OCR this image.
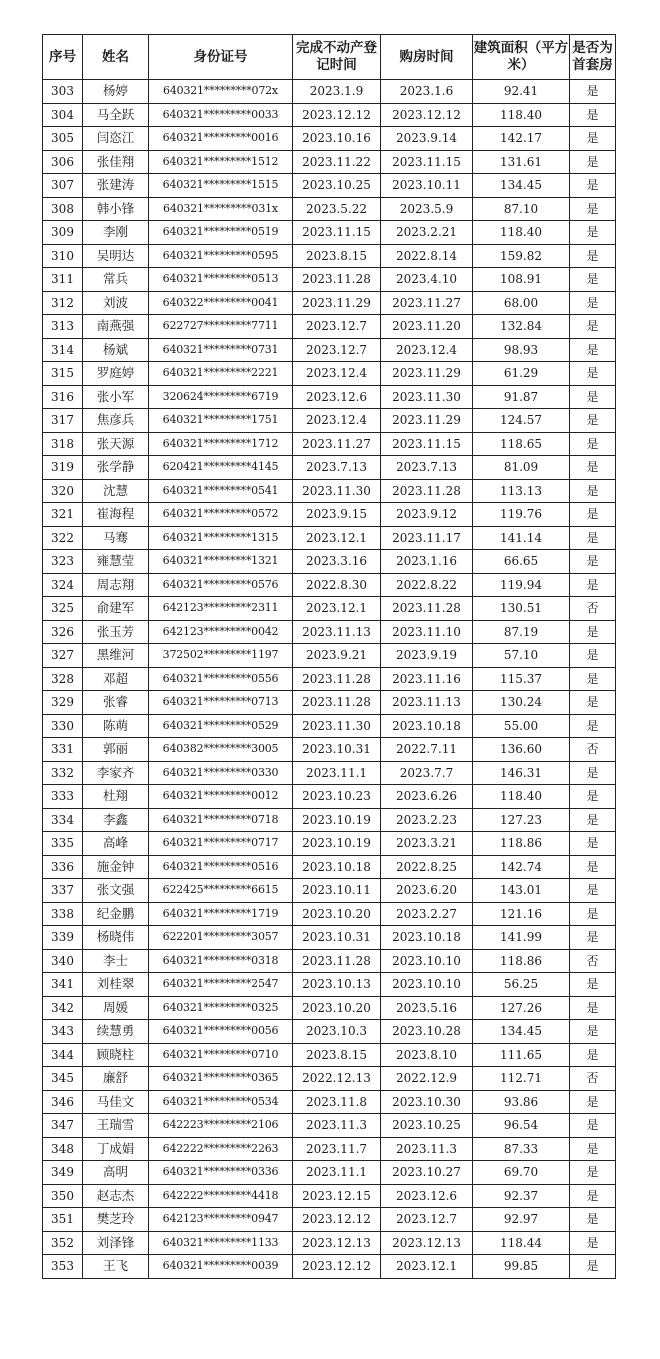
序号	姓名	身份证号	完成不动产登记时间	购房时间	建筑面积（平方米）	是否为首套房
303	杨婷	640321*********072x	2023.1.9	2023.1.6	92.41	是
304	马全跃	640321*********0033	2023.12.12	2023.12.12	118.40	是
305	闫恣江	640321*********0016	2023.10.16	2023.9.14	142.17	是
306	张佳翔	640321*********1512	2023.11.22	2023.11.15	131.61	是
307	张建涛	640321*********1515	2023.10.25	2023.10.11	134.45	是
308	韩小锋	640321*********031x	2023.5.22	2023.5.9	87.10	是
309	李刚	640321*********0519	2023.11.15	2023.2.21	118.40	是
310	吴明达	640321*********0595	2023.8.15	2022.8.14	159.82	是
311	常兵	640321*********0513	2023.11.28	2023.4.10	108.91	是
312	刘波	640322*********0041	2023.11.29	2023.11.27	68.00	是
313	南燕强	622727*********7711	2023.12.7	2023.11.20	132.84	是
314	杨斌	640321*********0731	2023.12.7	2023.12.4	98.93	是
315	罗庭婷	640321*********2221	2023.12.4	2023.11.29	61.29	是
316	张小军	320624*********6719	2023.12.6	2023.11.30	91.87	是
317	焦彦兵	640321*********1751	2023.12.4	2023.11.29	124.57	是
318	张天源	640321*********1712	2023.11.27	2023.11.15	118.65	是
319	张学静	620421*********4145	2023.7.13	2023.7.13	81.09	是
320	沈慧	640321*********0541	2023.11.30	2023.11.28	113.13	是
321	崔海程	640321*********0572	2023.9.15	2023.9.12	119.76	是
322	马骞	640321*********1315	2023.12.1	2023.11.17	141.14	是
323	雍慧莹	640321*********1321	2023.3.16	2023.1.16	66.65	是
324	周志翔	640321*********0576	2022.8.30	2022.8.22	119.94	是
325	俞建军	642123*********2311	2023.12.1	2023.11.28	130.51	否
326	张玉芳	642123*********0042	2023.11.13	2023.11.10	87.19	是
327	黑维河	372502*********1197	2023.9.21	2023.9.19	57.10	是
328	邓超	640321*********0556	2023.11.28	2023.11.16	115.37	是
329	张睿	640321*********0713	2023.11.28	2023.11.13	130.24	是
330	陈萌	640321*********0529	2023.11.30	2023.10.18	55.00	是
331	郭丽	640382*********3005	2023.10.31	2022.7.11	136.60	否
332	李家齐	640321*********0330	2023.11.1	2023.7.7	146.31	是
333	杜翔	640321*********0012	2023.10.23	2023.6.26	118.40	是
334	李鑫	640321*********0718	2023.10.19	2023.2.23	127.23	是
335	高峰	640321*********0717	2023.10.19	2023.3.21	118.86	是
336	施金钟	640321*********0516	2023.10.18	2022.8.25	142.74	是
337	张文强	622425*********6615	2023.10.11	2023.6.20	143.01	是
338	纪金鹏	640321*********1719	2023.10.20	2023.2.27	121.16	是
339	杨晓伟	622201*********3057	2023.10.31	2023.10.18	141.99	是
340	李士	640321*********0318	2023.11.28	2023.10.10	118.86	否
341	刘桂翠	640321*********2547	2023.10.13	2023.10.10	56.25	是
342	周媛	640321*********0325	2023.10.20	2023.5.16	127.26	是
343	续慧勇	640321*********0056	2023.10.3	2023.10.28	134.45	是
344	顾晓柱	640321*********0710	2023.8.15	2023.8.10	111.65	是
345	廉舒	640321*********0365	2022.12.13	2022.12.9	112.71	否
346	马佳文	640321*********0534	2023.11.8	2023.10.30	93.86	是
347	王瑞雪	642223*********2106	2023.11.3	2023.10.25	96.54	是
348	丁成娟	642222*********2263	2023.11.7	2023.11.3	87.33	是
349	高明	640321*********0336	2023.11.1	2023.10.27	69.70	是
350	赵志杰	642222*********4418	2023.12.15	2023.12.6	92.37	是
351	樊芝玲	642123*********0947	2023.12.12	2023.12.7	92.97	是
352	刘泽锋	640321*********1133	2023.12.13	2023.12.13	118.44	是
353	王飞	640321*********0039	2023.12.12	2023.12.1	99.85	是
